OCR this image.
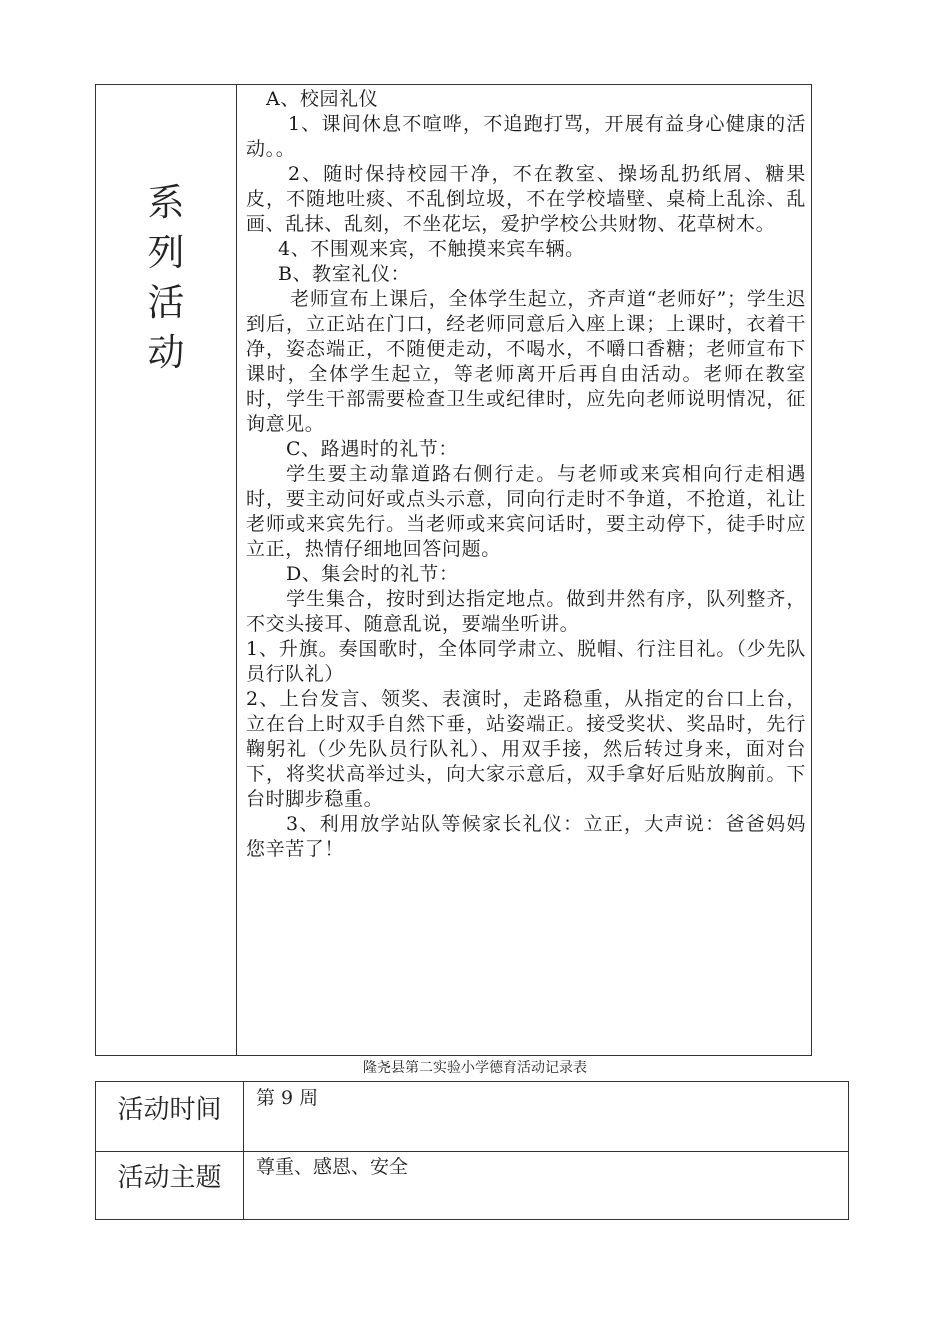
系
列
活
动

A、校园礼仪

1、课间休息不喧哗，不追跑打骂，开展有益身心健康的活动。。

2、随时保持校园干净，不在教室、操场乱扔纸屑、糖果皮，不随地吐痰、不乱倒垃圾，不在学校墙壁、桌椅上乱涂、乱画、乱抹、乱刻，不坐花坛，爱护学校公共财物、花草树木。

4、不围观来宾，不触摸来宾车辆。

B、教室礼仪：

老师宣布上课后，全体学生起立，齐声道“老师好”；学生迟到后，立正站在门口，经老师同意后入座上课；上课时，衣着干净，姿态端正，不随便走动，不喝水，不嚼口香糖；老师宣布下课时，全体学生起立，等老师离开后再自由活动。老师在教室时，学生干部需要检查卫生或纪律时，应先向老师说明情况，征询意见。

C、路遇时的礼节：

学生要主动靠道路右侧行走。与老师或来宾相向行走相遇时，要主动问好或点头示意，同向行走时不争道，不抢道，礼让老师或来宾先行。当老师或来宾问话时，要主动停下，徒手时应立正，热情仔细地回答问题。

D、集会时的礼节：

学生集合，按时到达指定地点。做到井然有序，队列整齐，不交头接耳、随意乱说，要端坐听讲。

1、升旗。奏国歌时，全体同学肃立、脱帽、行注目礼。（少先队员行队礼）

2、上台发言、领奖、表演时，走路稳重，从指定的台口上台，立在台上时双手自然下垂，站姿端正。接受奖状、奖品时，先行鞠躬礼（少先队员行队礼）、用双手接，然后转过身来，面对台下，将奖状高举过头，向大家示意后，双手拿好后贴放胸前。下台时脚步稳重。

3、利用放学站队等候家长礼仪：立正，大声说：爸爸妈妈您辛苦了！

隆尧县第二实验小学德育活动记录表
活动时间	第 9 周
活动主题	尊重、感恩、安全
